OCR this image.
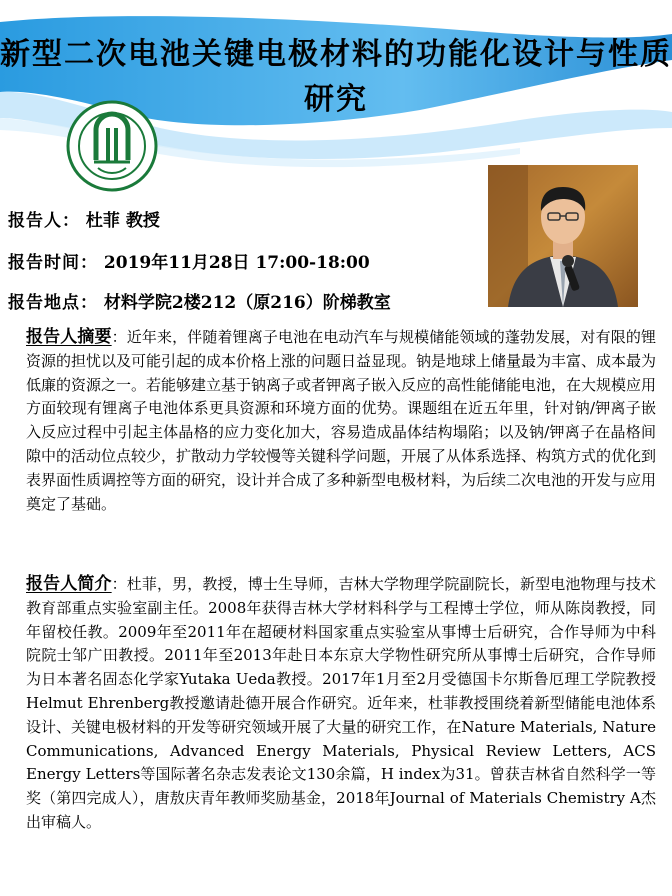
新型二次电池关键电极材料的功能化设计与性质研究
报告人： 杜菲 教授
报告时间： 2019年11月28日 17:00-18:00
报告地点： 材料学院2楼212（原216）阶梯教室
报告人摘要：近年来，伴随着锂离子电池在电动汽车与规模储能领域的蓬勃发展，对有限的锂资源的担忧以及可能引起的成本价格上涨的问题日益显现。钠是地球上储量最为丰富、成本最为低廉的资源之一。若能够建立基于钠离子或者钾离子嵌入反应的高性能储能电池，在大规模应用方面较现有锂离子电池体系更具资源和环境方面的优势。课题组在近五年里，针对钠/钾离子嵌入反应过程中引起主体晶格的应力变化加大，容易造成晶体结构塌陷；以及钠/钾离子在晶格间隙中的活动位点较少，扩散动力学较慢等关键科学问题，开展了从体系选择、构筑方式的优化到表界面性质调控等方面的研究，设计并合成了多种新型电极材料，为后续二次电池的开发与应用奠定了基础。
报告人简介：杜菲，男，教授，博士生导师，吉林大学物理学院副院长，新型电池物理与技术教育部重点实验室副主任。2008年获得吉林大学材料科学与工程博士学位，师从陈岗教授，同年留校任教。2009年至2011年在超硬材料国家重点实验室从事博士后研究，合作导师为中科院院士邹广田教授。2011年至2013年赴日本东京大学物性研究所从事博士后研究，合作导师为日本著名固态化学家Yutaka Ueda教授。2017年1月至2月受德国卡尔斯鲁厄理工学院教授Helmut Ehrenberg教授邀请赴德开展合作研究。近年来，杜菲教授围绕着新型储能电池体系设计、关键电极材料的开发等研究领域开展了大量的研究工作，在Nature Materials, Nature Communications, Advanced Energy Materials, Physical Review Letters, ACS Energy Letters等国际著名杂志发表论文130余篇，H index为31。曾获吉林省自然科学一等奖（第四完成人），唐敖庆青年教师奖励基金，2018年Journal of Materials Chemistry A杰出审稿人。
